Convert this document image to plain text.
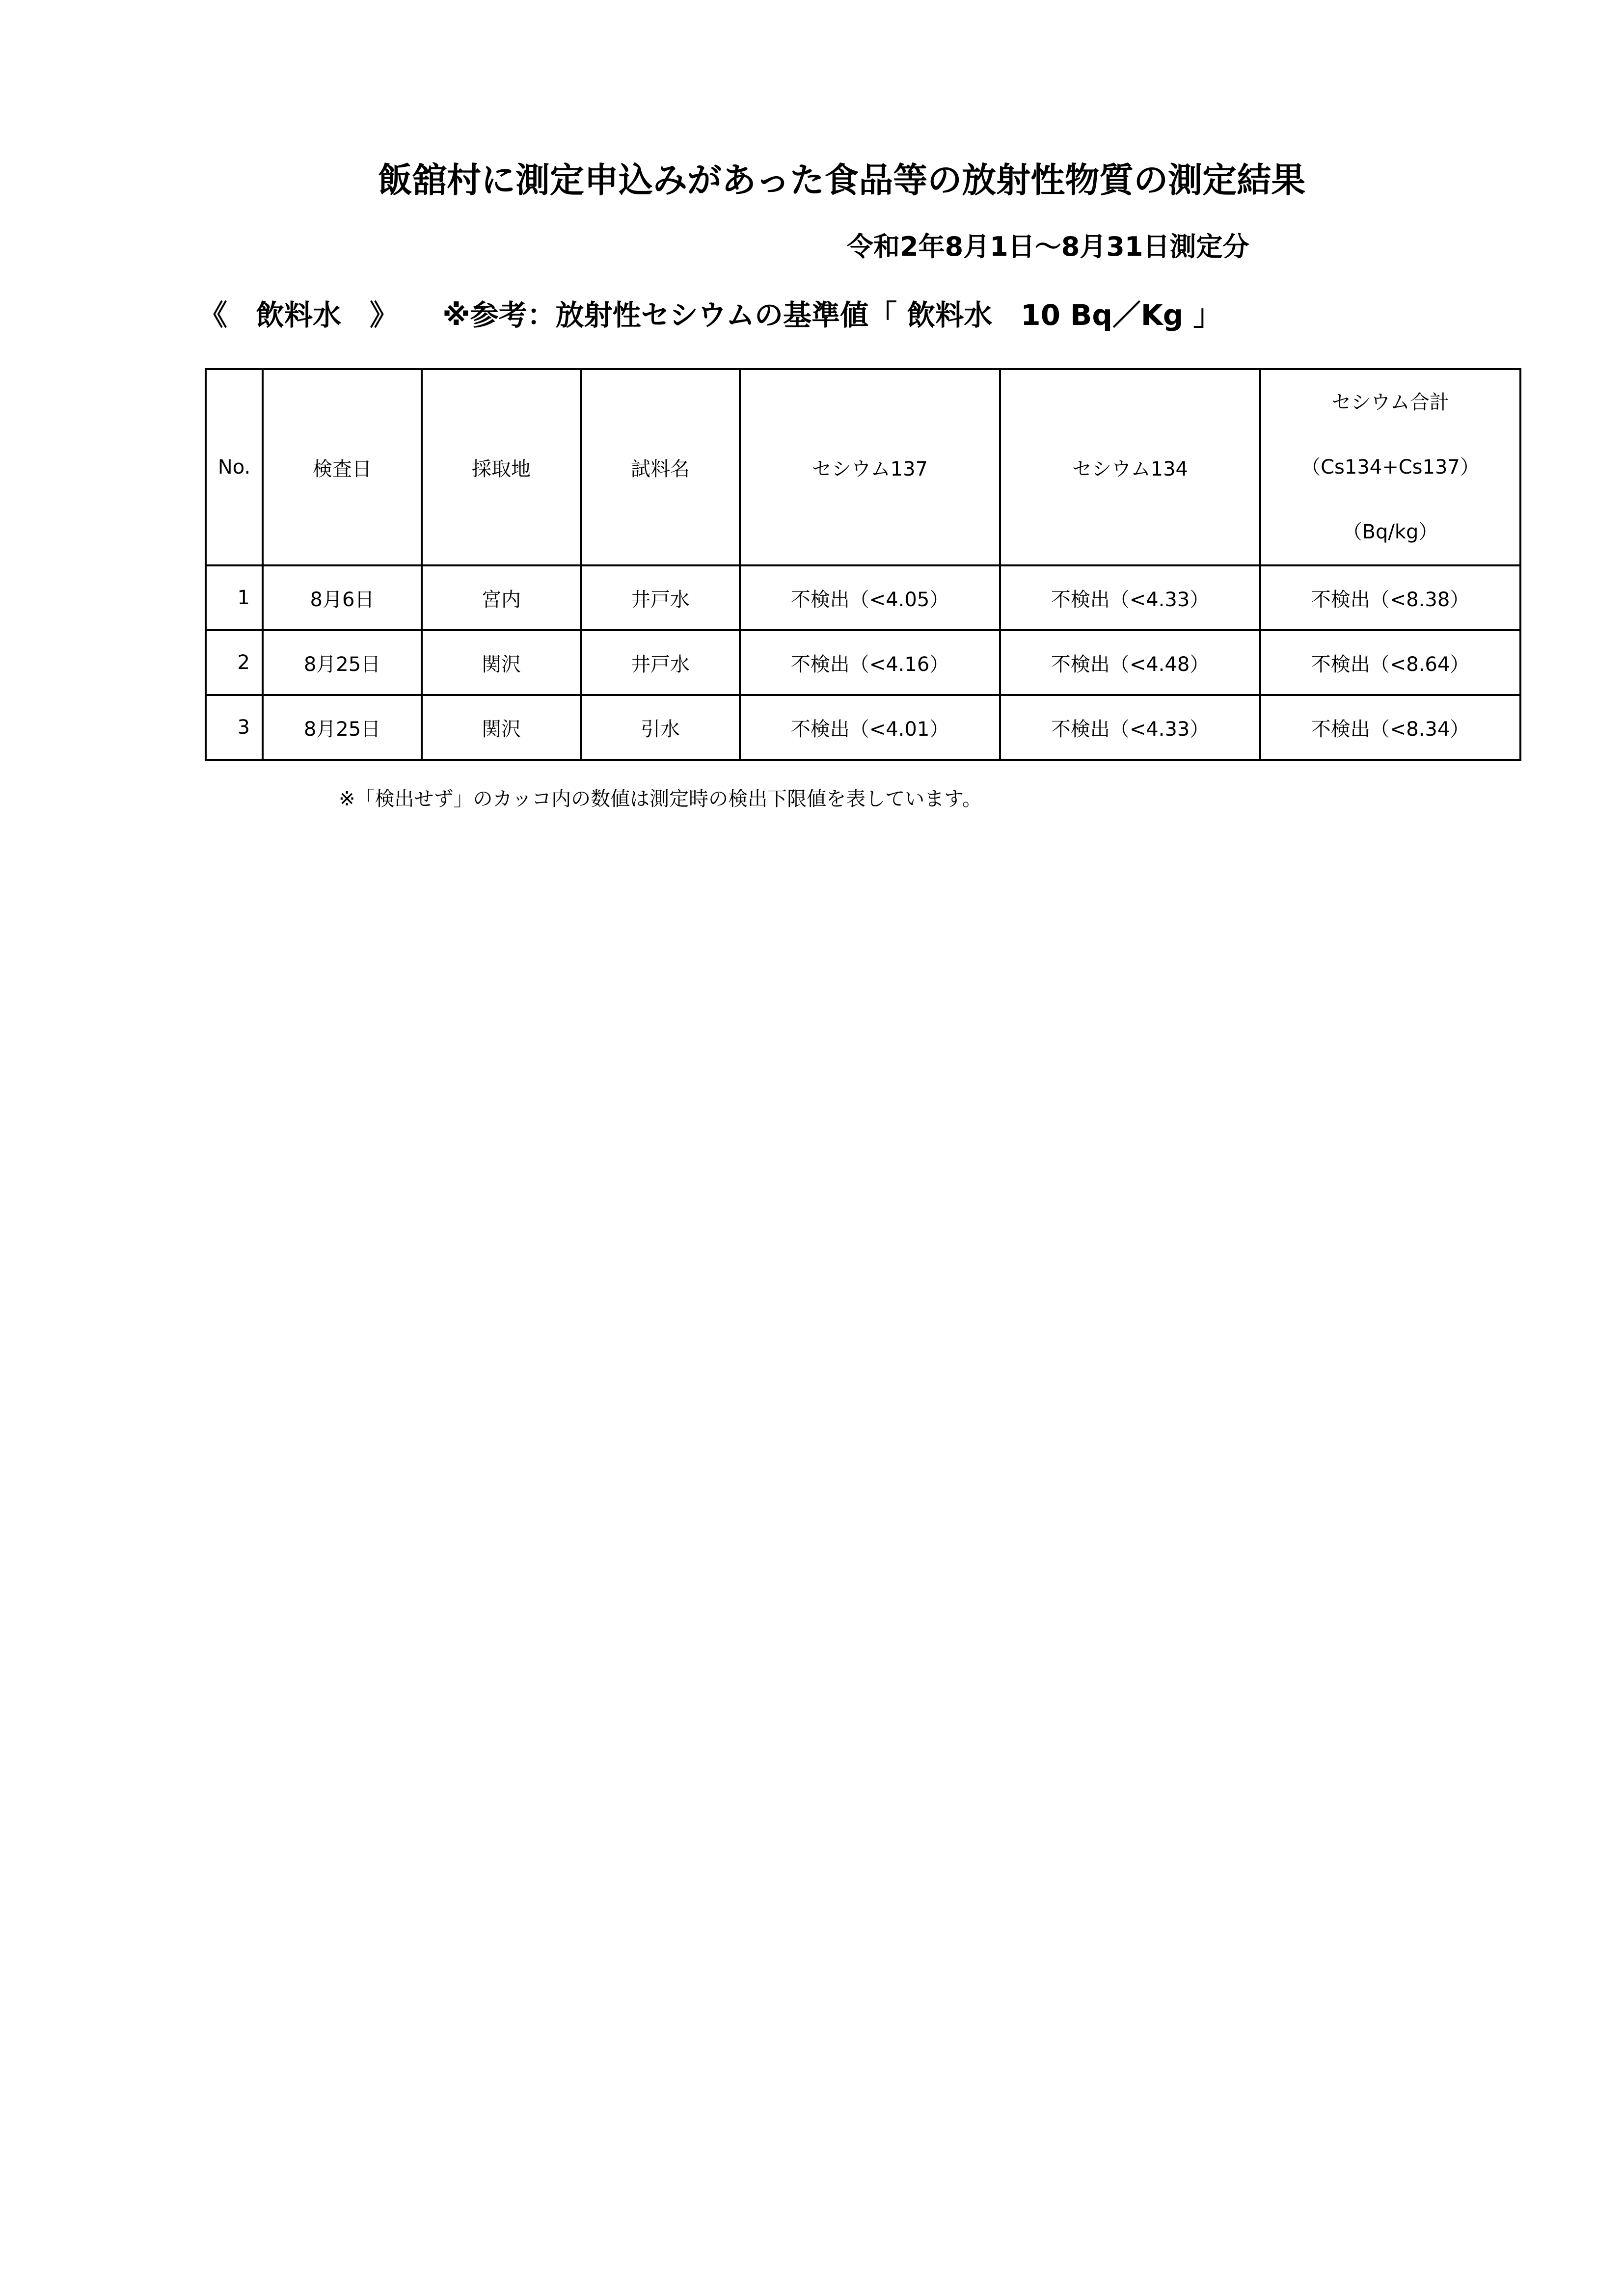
飯舘村に測定申込みがあった食品等の放射性物質の測定結果
令和2年8月1日～8月31日測定分
《　飲料水　》 ※参考：放射性セシウムの基準値「 飲料水　10 Bq／Kg 」
No.	検査日	採取地	試料名	セシウム137	セシウム134	セシウム合計
（Cs134+Cs137）
（Bq/kg）

1	8月6日	宮内	井戸水	不検出（<4.05）	不検出（<4.33）	不検出（<8.38）
2	8月25日	関沢	井戸水	不検出（<4.16）	不検出（<4.48）	不検出（<8.64）
3	8月25日	関沢	引水	不検出（<4.01）	不検出（<4.33）	不検出（<8.34）
※「検出せず」のカッコ内の数値は測定時の検出下限値を表しています。
